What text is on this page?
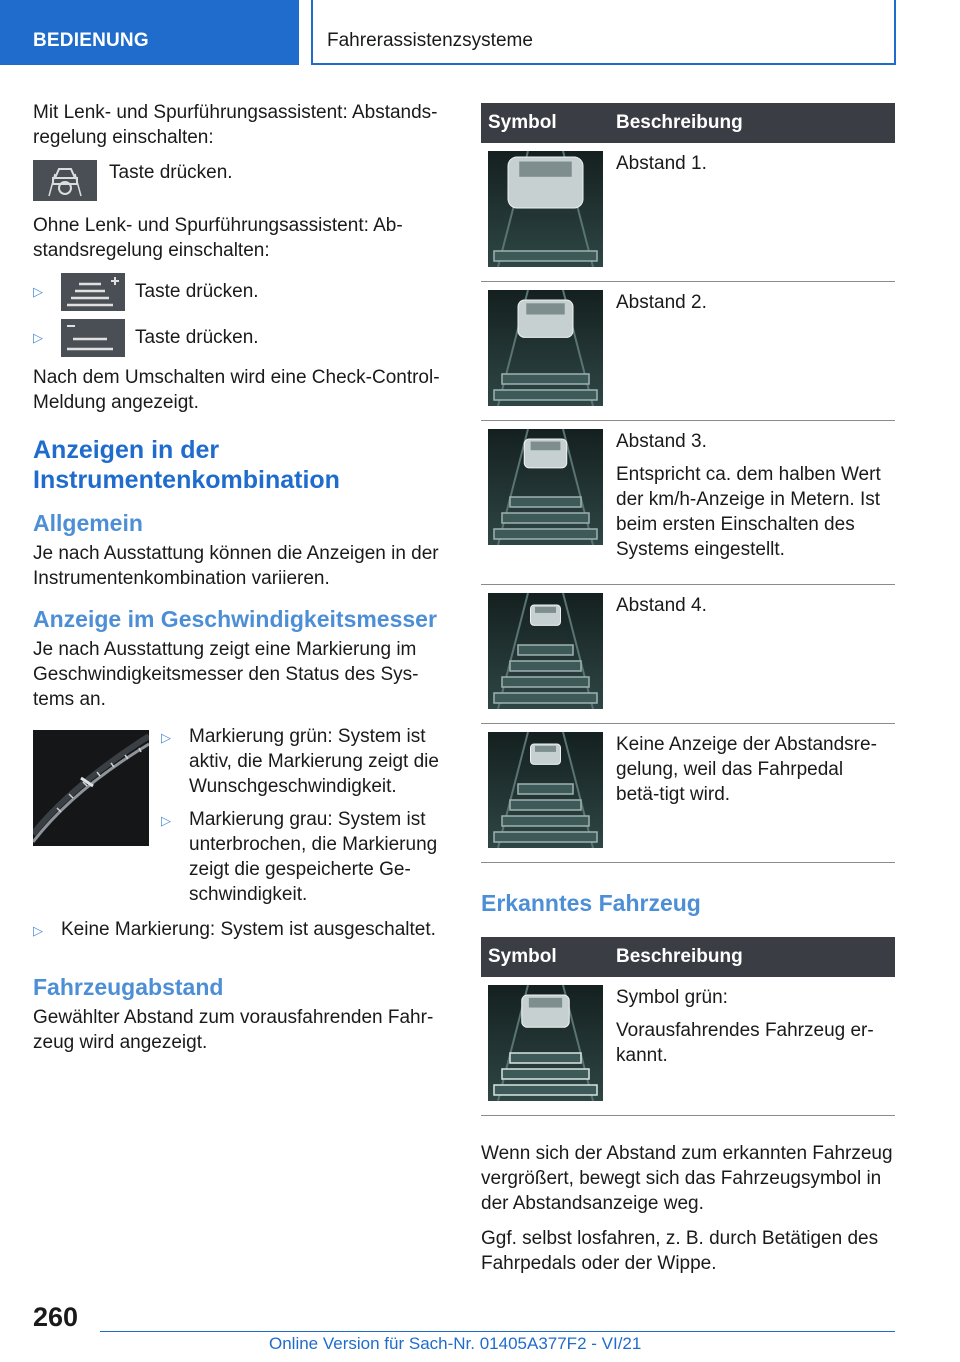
BEDIENUNG	Fahrerassistenzsysteme

Mit Lenk- und Spurführungsassistent: Abstands-regelung einschalten:

Taste drücken.

Ohne Lenk- und Spurführungsassistent: Ab-standsregelung einschalten:

▷	Taste drücken.
▷	Taste drücken.

Nach dem Umschalten wird eine Check-Control-Meldung angezeigt.

Anzeigen in der Instrumentenkombination
Allgemein

Je nach Ausstattung können die Anzeigen in der Instrumentenkombination variieren.

Anzeige im Geschwindigkeitsmesser

Je nach Ausstattung zeigt eine Markierung im Geschwindigkeitsmesser den Status des Sys-tems an.

▷ Markierung grün: System ist aktiv, die Markierung zeigt die Wunschgeschwindigkeit.
▷ Markierung grau: System ist unterbrochen, die Markierung zeigt die gespeicherte Ge-schwindigkeit.
▷ Keine Markierung: System ist ausgeschaltet.
Fahrzeugabstand

Gewählter Abstand zum vorausfahrenden Fahr-zeug wird angezeigt.

Symbol	Beschreibung

Abstand 1.

Abstand 2.

Abstand 3.

Entspricht ca. dem halben Wert der km/h-Anzeige in Metern. Ist beim ersten Einschalten des Systems eingestellt.

Abstand 4.

Keine Anzeige der Abstandsre-gelung, weil das Fahrpedal betä-tigt wird.

Erkanntes Fahrzeug
Symbol	Beschreibung

Symbol grün:

Vorausfahrendes Fahrzeug er-kannt.

Wenn sich der Abstand zum erkannten Fahrzeug vergrößert, bewegt sich das Fahrzeugsymbol in der Abstandsanzeige weg.

Ggf. selbst losfahren, z. B. durch Betätigen des Fahrpedals oder der Wippe.

260
Online Version für Sach-Nr. 01405A377F2 - VI/21
